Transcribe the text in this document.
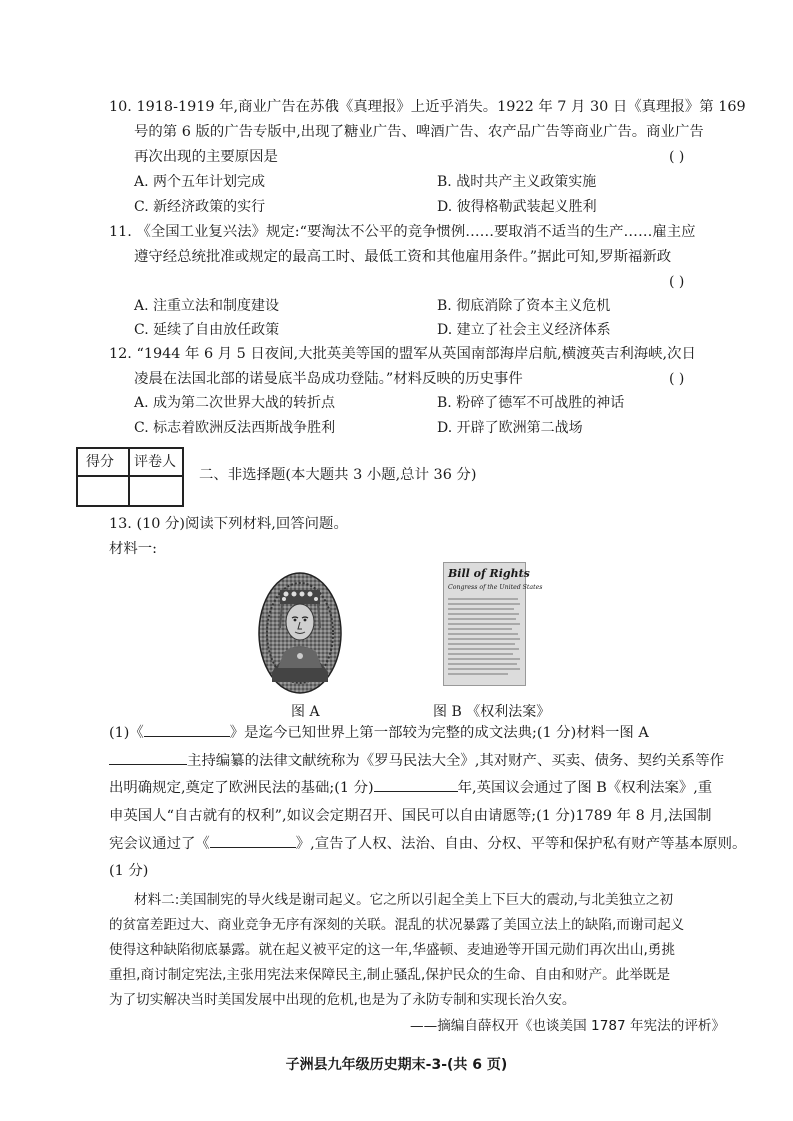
10. 1918-1919 年,商业广告在苏俄《真理报》上近乎消失。1922 年 7 月 30 日《真理报》第 169
号的第 6 版的广告专版中,出现了糖业广告、啤酒广告、农产品广告等商业广告。商业广告
再次出现的主要原因是	( )
A. 两个五年计划完成	B. 战时共产主义政策实施
C. 新经济政策的实行	D. 彼得格勒武装起义胜利
11. 《全国工业复兴法》规定:“要淘汰不公平的竞争惯例……要取消不适当的生产……雇主应
遵守经总统批准或规定的最高工时、最低工资和其他雇用条件。”据此可知,罗斯福新政
( )
A. 注重立法和制度建设	B. 彻底消除了资本主义危机
C. 延续了自由放任政策	D. 建立了社会主义经济体系
12. “1944 年 6 月 5 日夜间,大批英美等国的盟军从英国南部海岸启航,横渡英吉利海峡,次日
凌晨在法国北部的诺曼底半岛成功登陆。”材料反映的历史事件	( )
A. 成为第二次世界大战的转折点	B. 粉碎了德军不可战胜的神话
C. 标志着欧洲反法西斯战争胜利	D. 开辟了欧洲第二战场
得分 评卷人
二、非选择题(本大题共 3 小题,总计 36 分)
13. (10 分)阅读下列材料,回答问题。
材料一:
图 A
Bill of Rights
Congress of the United States
图 B 《权利法案》
(1)《	》是迄今已知世界上第一部较为完整的成文法典;(1 分)材料一图 A
主持编纂的法律文献统称为《罗马民法大全》,其对财产、买卖、债务、契约关系等作
出明确规定,奠定了欧洲民法的基础;(1 分)	年,英国议会通过了图 B《权利法案》,重
申英国人“自古就有的权利”,如议会定期召开、国民可以自由请愿等;(1 分)1789 年 8 月,法国制
宪会议通过了《	》,宣告了人权、法治、自由、分权、平等和保护私有财产等基本原则。
(1 分)
材料二:美国制宪的导火线是谢司起义。它之所以引起全美上下巨大的震动,与北美独立之初
的贫富差距过大、商业竞争无序有深刻的关联。混乱的状况暴露了美国立法上的缺陷,而谢司起义
使得这种缺陷彻底暴露。就在起义被平定的这一年,华盛顿、麦迪逊等开国元勋们再次出山,勇挑
重担,商讨制定宪法,主张用宪法来保障民主,制止骚乱,保护民众的生命、自由和财产。此举既是
为了切实解决当时美国发展中出现的危机,也是为了永防专制和实现长治久安。
——摘编自薛权开《也谈美国 1787 年宪法的评析》
子洲县九年级历史期末-3-(共 6 页)
